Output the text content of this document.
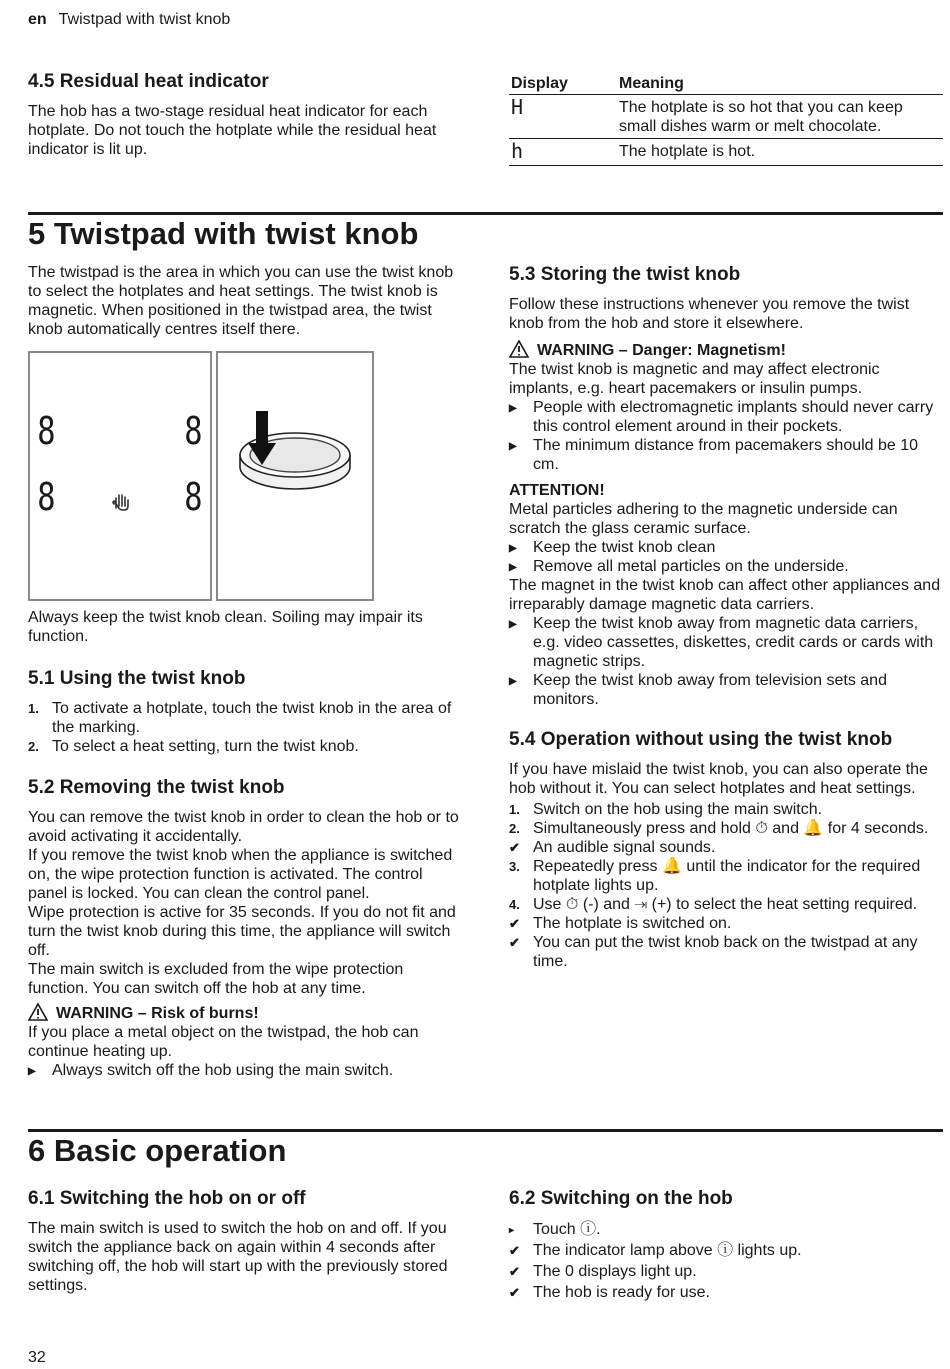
en Twistpad with twist knob
4.5 Residual heat indicator

The hob has a two-stage residual heat indicator for each hotplate. Do not touch the hotplate while the residual heat indicator is lit up.

Display	Meaning
H	The hotplate is so hot that you can keep small dishes warm or melt chocolate.
h	The hotplate is hot.
5 Twistpad with twist knob

The twistpad is the area in which you can use the twist knob to select the hotplates and heat settings. The twist knob is magnetic. When positioned in the twistpad area, the twist knob automatically centres itself there.

8	8
8	8

Always keep the twist knob clean. Soiling may impair its function.

5.1 Using the twist knob
1. To activate a hotplate, touch the twist knob in the area of the marking.
2. To select a heat setting, turn the twist knob.
5.2 Removing the twist knob

You can remove the twist knob in order to clean the hob or to avoid activating it accidentally.

If you remove the twist knob when the appliance is switched on, the wipe protection function is activated. The control panel is locked. You can clean the control panel.

Wipe protection is active for 35 seconds. If you do not fit and turn the twist knob during this time, the appliance will switch off.

The main switch is excluded from the wipe protection function. You can switch off the hob at any time.

WARNING – Risk of burns!

If you place a metal object on the twistpad, the hob can continue heating up.

▶ Always switch off the hob using the main switch.
5.3 Storing the twist knob

Follow these instructions whenever you remove the twist knob from the hob and store it elsewhere.

WARNING – Danger: Magnetism!

The twist knob is magnetic and may affect electronic implants, e.g. heart pacemakers or insulin pumps.

▶ People with electromagnetic implants should never carry this control element around in their pockets.
▶ The minimum distance from pacemakers should be 10 cm.
ATTENTION!

Metal particles adhering to the magnetic underside can scratch the glass ceramic surface.

▶ Keep the twist knob clean
▶ Remove all metal particles on the underside.

The magnet in the twist knob can affect other appliances and irreparably damage magnetic data carriers.

▶ Keep the twist knob away from magnetic data carriers, e.g. video cassettes, diskettes, credit cards or cards with magnetic strips.
▶ Keep the twist knob away from television sets and monitors.
5.4 Operation without using the twist knob

If you have mislaid the twist knob, you can also operate the hob without it. You can select hotplates and heat settings.

1. Switch on the hob using the main switch.
2. Simultaneously press and hold ⏱ and 🔔 for 4 seconds.
✔ An audible signal sounds.
3. Repeatedly press 🔔 until the indicator for the required hotplate lights up.
4. Use ⏱ (-) and ⇥ (+) to select the heat setting required.
✔ The hotplate is switched on.
✔ You can put the twist knob back on the twistpad at any time.
6 Basic operation
6.1 Switching the hob on or off

The main switch is used to switch the hob on and off. If you switch the appliance back on again within 4 seconds after switching off, the hob will start up with the previously stored settings.

6.2 Switching on the hob
▸ Touch ⓘ.
✔ The indicator lamp above ⓘ lights up.
✔ The 0 displays light up.
✔ The hob is ready for use.
32
